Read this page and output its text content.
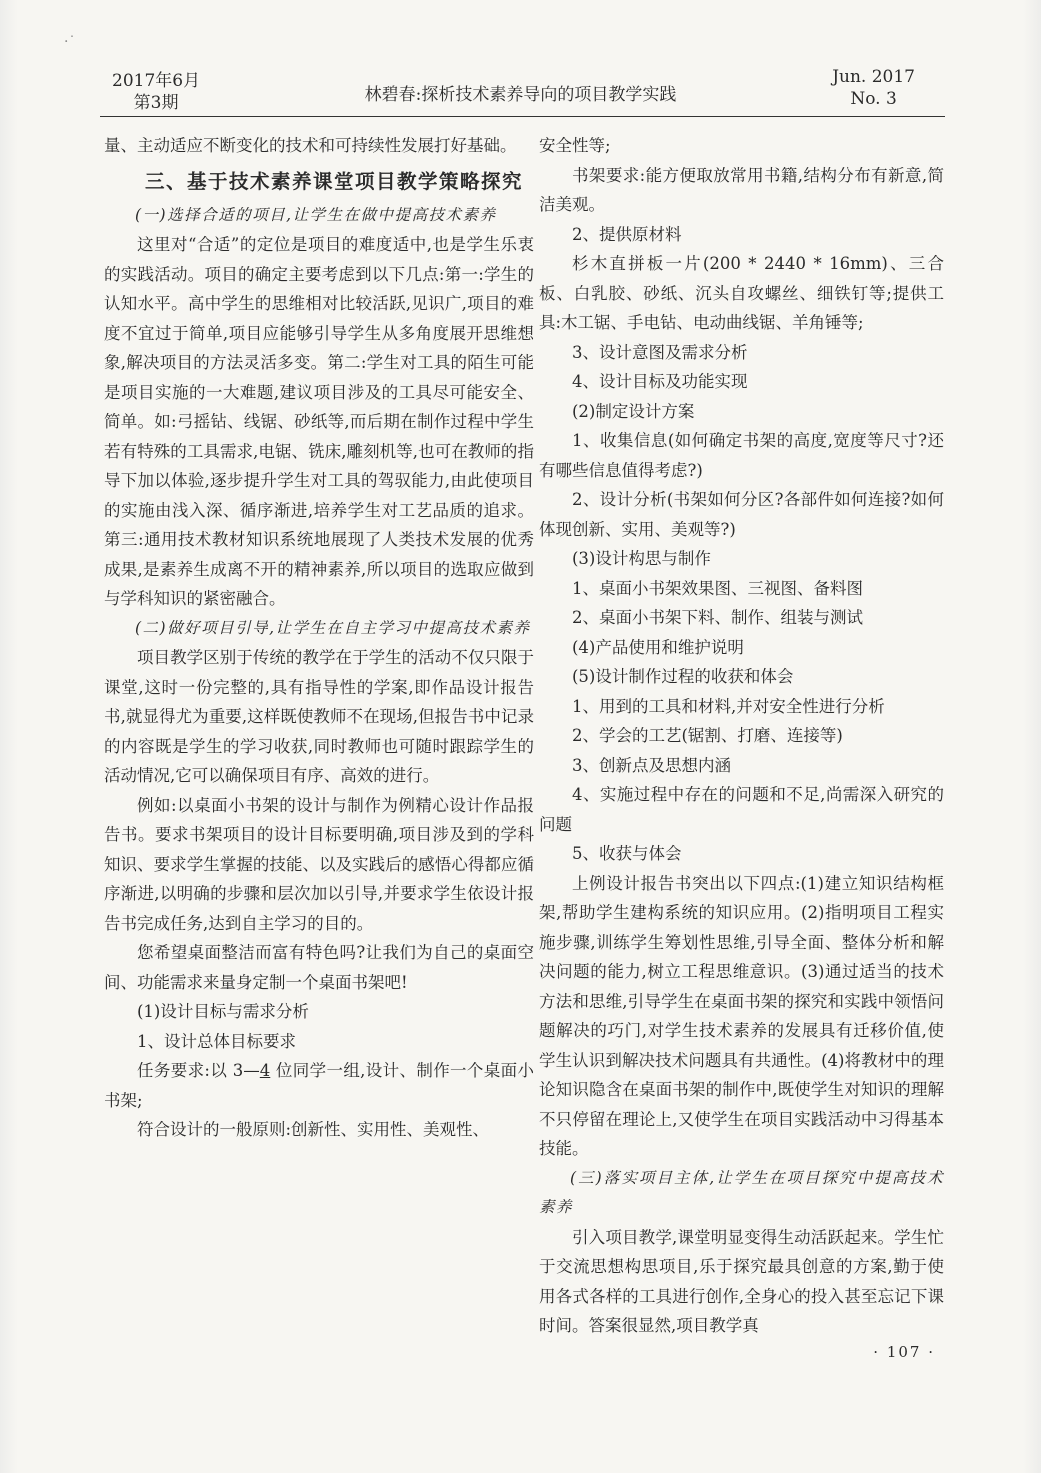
·˙
2017年6月
第3期	林碧春:探析技术素养导向的项目教学实践
Jun. 2017
No. 3

量、主动适应不断变化的技术和可持续性发展打好基础。

三、基于技术素养课堂项目教学策略探究
(一)选择合适的项目,让学生在做中提高技术素养

这里对“合适”的定位是项目的难度适中,也是学生乐衷的实践活动。项目的确定主要考虑到以下几点:第一:学生的认知水平。高中学生的思维相对比较活跃,见识广,项目的难度不宜过于简单,项目应能够引导学生从多角度展开思维想象,解决项目的方法灵活多变。第二:学生对工具的陌生可能是项目实施的一大难题,建议项目涉及的工具尽可能安全、简单。如:弓摇钻、线锯、砂纸等,而后期在制作过程中学生若有特殊的工具需求,电锯、铣床,雕刻机等,也可在教师的指导下加以体验,逐步提升学生对工具的驾驭能力,由此使项目的实施由浅入深、循序渐进,培养学生对工艺品质的追求。第三:通用技术教材知识系统地展现了人类技术发展的优秀成果,是素养生成离不开的精神素养,所以项目的选取应做到与学科知识的紧密融合。

(二)做好项目引导,让学生在自主学习中提高技术素养

项目教学区别于传统的教学在于学生的活动不仅只限于课堂,这时一份完整的,具有指导性的学案,即作品设计报告书,就显得尤为重要,这样既使教师不在现场,但报告书中记录的内容既是学生的学习收获,同时教师也可随时跟踪学生的活动情况,它可以确保项目有序、高效的进行。

例如:以桌面小书架的设计与制作为例精心设计作品报告书。要求书架项目的设计目标要明确,项目涉及到的学科知识、要求学生掌握的技能、以及实践后的感悟心得都应循序渐进,以明确的步骤和层次加以引导,并要求学生依设计报告书完成任务,达到自主学习的目的。

您希望桌面整洁而富有特色吗?让我们为自己的桌面空间、功能需求来量身定制一个桌面书架吧!

(1)设计目标与需求分析

1、设计总体目标要求

任务要求:以 3—4 位同学一组,设计、制作一个桌面小书架;

符合设计的一般原则:创新性、实用性、美观性、

安全性等;

书架要求:能方便取放常用书籍,结构分布有新意,简洁美观。

2、提供原材料

杉木直拼板一片(200 * 2440 * 16mm)、三合板、白乳胶、砂纸、沉头自攻螺丝、细铁钉等;提供工具:木工锯、手电钻、电动曲线锯、羊角锤等;

3、设计意图及需求分析

4、设计目标及功能实现

(2)制定设计方案

1、收集信息(如何确定书架的高度,宽度等尺寸?还有哪些信息值得考虑?)

2、设计分析(书架如何分区?各部件如何连接?如何体现创新、实用、美观等?)

(3)设计构思与制作

1、桌面小书架效果图、三视图、备料图

2、桌面小书架下料、制作、组装与测试

(4)产品使用和维护说明

(5)设计制作过程的收获和体会

1、用到的工具和材料,并对安全性进行分析

2、学会的工艺(锯割、打磨、连接等)

3、创新点及思想内涵

4、实施过程中存在的问题和不足,尚需深入研究的问题

5、收获与体会

上例设计报告书突出以下四点:(1)建立知识结构框架,帮助学生建构系统的知识应用。(2)指明项目工程实施步骤,训练学生筹划性思维,引导全面、整体分析和解决问题的能力,树立工程思维意识。(3)通过适当的技术方法和思维,引导学生在桌面书架的探究和实践中领悟问题解决的巧门,对学生技术素养的发展具有迁移价值,使学生认识到解决技术问题具有共通性。(4)将教材中的理论知识隐含在桌面书架的制作中,既使学生对知识的理解不只停留在理论上,又使学生在项目实践活动中习得基本技能。

(三)落实项目主体,让学生在项目探究中提高技术素养

引入项目教学,课堂明显变得生动活跃起来。学生忙于交流思想构思项目,乐于探究最具创意的方案,勤于使用各式各样的工具进行创作,全身心的投入甚至忘记下课时间。答案很显然,项目教学真

· 107 ·
